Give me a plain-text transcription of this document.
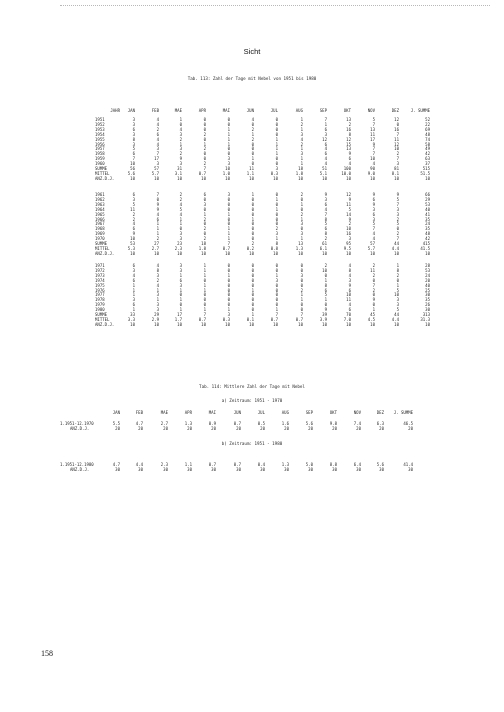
Sicht
Tab. 113: Zahl der Tage mit Nebel von 1951 bis 1980
JAHR	JAN	FEB	MAE	APR	MAI	JUN	JUL	AUG	SEP	OKT	NOV	DEZ	J. SUMME
1951	3	4	1	0	0	4	0	1	7	13	5	12	52
1952	3	4	0	0	0	0	0	2	1	2	7	0	22
1953	6	2	4	0	1	2	0	1	6	16	13	16	69
1954	3	6	3	2	1	1	0	3	3	8	11	7	48
1955	8	4	2	0	1	2	1	4	12	12	17	11	74
1956	3	4	1	1	1	0	1	2	6	15	9	12	58
1957	5	3	3	2	0	0	1	1	4	13	7	10	49
1958	6	7	2	0	0	0	1	3	6	9	7	2	42
1959	7	17	9	0	3	1	0	1	4	6	10	7	63
1960	10	3	3	2	3	0	0	1	4	4	4	3	37
SUMME	56	57	31	7	10	11	3	18	51	100	90	81	515
MITTEL	5.6	5.7	3.1	0.7	1.0	1.1	0.3	1.8	5.1	10.0	9.0	8.1	51.5
ANZ.D.J.	10	10	10	10	10	10	10	10	10	10	10	10	10
1961	6	7	2	6	3	1	0	2	9	12	9	9	66
1962	3	0	2	0	0	0	1	0	3	9	6	5	29
1963	5	9	4	3	0	0	0	1	6	11	9	7	53
1964	11	9	5	0	0	0	1	0	4	5	3	3	40
1965	2	4	4	1	1	0	0	2	7	14	6	3	41
1966	2	6	1	2	0	1	0	1	8	9	3	2	35
1967	4	1	1	0	0	0	0	3	5	2	5	5	24
1968	6	1	0	2	1	0	2	0	6	10	7	0	35
1969	9	1	3	0	1	0	3	3	8	16	4	2	48
1970	10	2	3	2	1	0	1	1	2	3	4	7	42
SUMME	53	27	23	18	7	2	8	13	61	95	57	44	415
MITTEL	5.3	2.7	2.3	1.8	0.7	0.2	0.8	1.3	6.1	9.5	5.7	4.4	41.5
ANZ.D.J.	10	10	10	10	10	10	10	10	10	10	10	10	10
1971	6	4	3	1	0	0	0	0	2	4	2	1	28
1972	3	8	3	1	0	0	0	0	10	8	11	8	53
1973	4	3	1	1	1	0	1	3	0	4	2	2	24
1974	6	2	6	0	0	0	3	0	1	3	0	0	20
1975	1	4	3	1	0	0	0	0	8	9	7	1	40
1976	1	1	1	1	0	1	0	2	6	6	2	5	25
1977	1	3	0	0	0	0	0	1	5	10	0	10	30
1978	3	1	1	0	0	0	0	1	1	11	9	3	35
1979	6	3	0	0	0	0	0	0	0	4	0	3	26
1980	1	3	1	1	1	0	1	0	9	6	1	5	30
SUMME	33	29	17	7	3	1	7	7	39	70	45	44	313
MITTEL	3.3	2.9	1.7	0.7	0.3	0.1	0.7	0.7	3.9	7.0	4.5	4.4	31.3
ANZ.D.J.	10	10	10	10	10	10	10	10	10	10	10	10	10
Tab. 114: Mittlere Zahl der Tage mit Nebel
a) Zeitraum: 1951 - 1970
JAN	FEB	MAE	APR	MAI	JUN	JUL	AUG	SEP	OKT	NOV	DEZ J. SUMME
1.1951-12.1970	5.5	4.7	2.7	1.3	0.9	0.7	0.5	1.6	5.6	9.8	7.4	6.3	46.5
ANZ.D.J.	20	20	20	20	20	20	20	20	20	20	20	20	20
b) Zeitraum: 1951 - 1980
1.1951-12.1980	4.7	4.4	2.3	1.1	0.7	0.7	0.4	1.3	5.0	8.8	6.4	5.6	41.4
ANZ.D.J.	30	30	30	30	30	30	30	30	30	30	30	30	30
158
